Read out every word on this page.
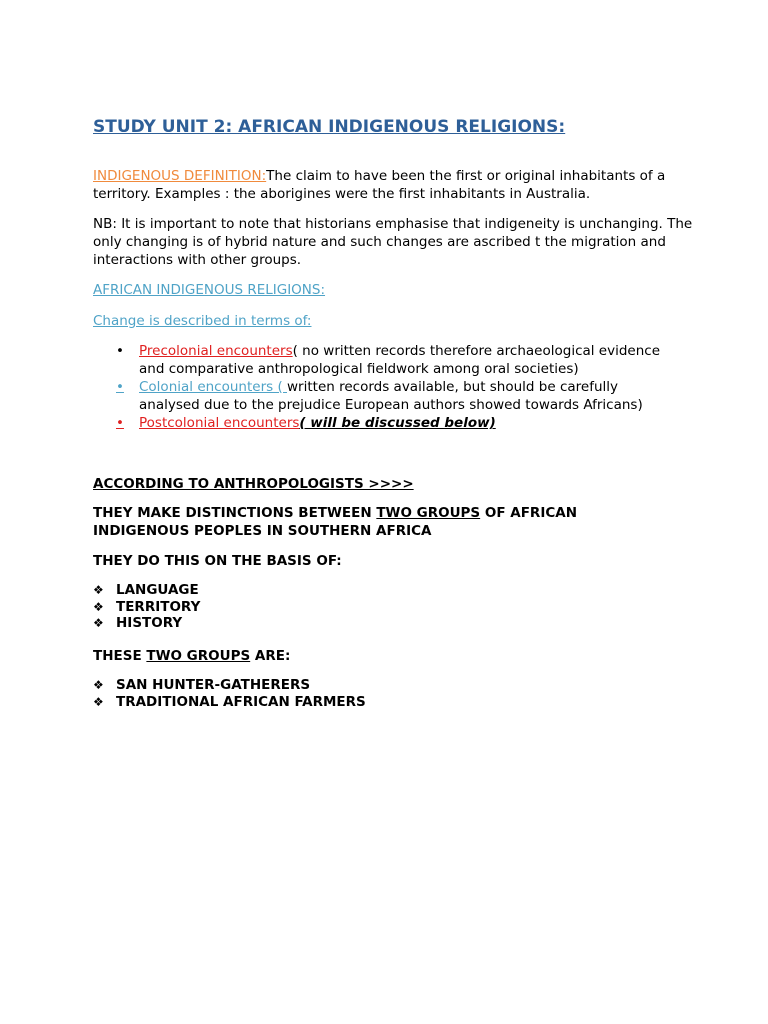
STUDY UNIT 2: AFRICAN INDIGENOUS RELIGIONS:
INDIGENOUS DEFINITION:The claim to have been the first or original inhabitants of a territory. Examples : the aborigines were the first inhabitants in Australia.
NB: It is important to note that historians emphasise that indigeneity is unchanging. The only changing is of hybrid nature and such changes are ascribed t the migration and interactions with other groups.
AFRICAN INDIGENOUS RELIGIONS:
Change is described in terms of:
•	Precolonial encounters( no written records therefore archaeological evidence and comparative anthropological fieldwork among oral societies)
•	Colonial encounters ( written records available, but should be carefully analysed due to the prejudice European authors showed towards Africans)
•	Postcolonial encounters( will be discussed below)
ACCORDING TO ANTHROPOLOGISTS >>>>
THEY MAKE DISTINCTIONS BETWEEN TWO GROUPS OF AFRICAN INDIGENOUS PEOPLES IN SOUTHERN AFRICA
THEY DO THIS ON THE BASIS OF:
❖ LANGUAGE
❖ TERRITORY
❖ HISTORY
THESE TWO GROUPS ARE:
❖ SAN HUNTER-GATHERERS
❖ TRADITIONAL AFRICAN FARMERS
